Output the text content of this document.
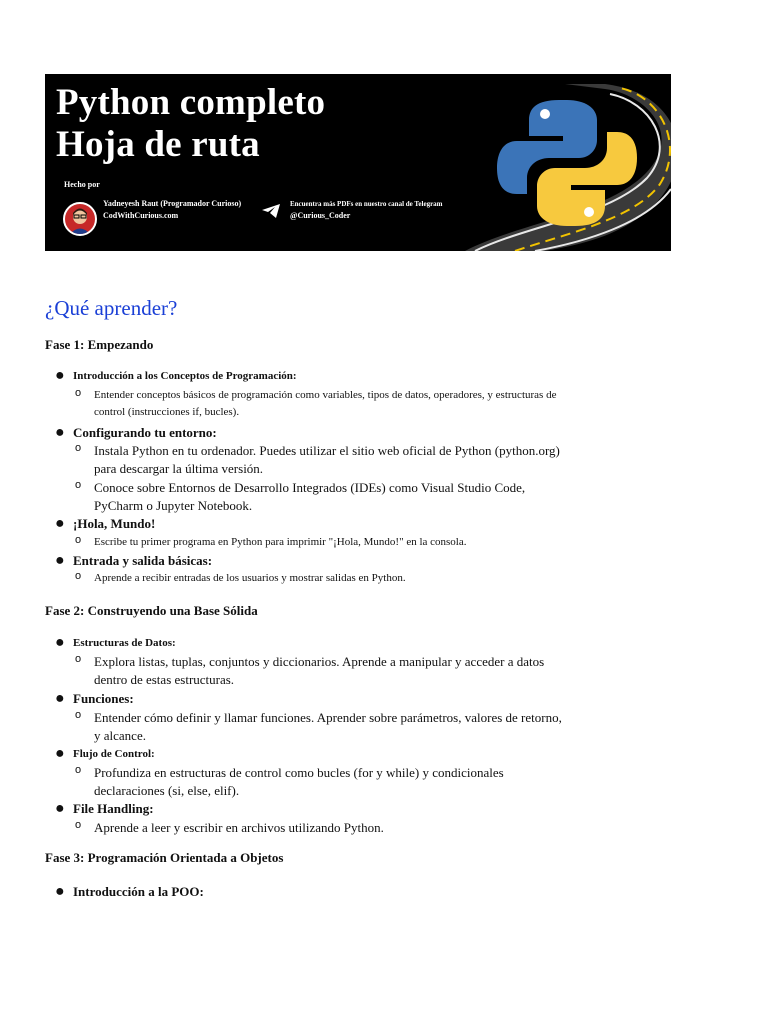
Python completo
Hoja de ruta
Hecho por
Yadneyesh Raut (Programador Curioso)
CodWithCurious.com
Encuentra más PDFs en nuestro canal de Telegram
@Curious_Coder
¿Qué aprender?
Fase 1: Empezando
● Introducción a los Conceptos de Programación:
o Entender conceptos básicos de programación como variables, tipos de datos, operadores, y estructuras de control (instrucciones if, bucles).
● Configurando tu entorno:
o Instala Python en tu ordenador. Puedes utilizar el sitio web oficial de Python (python.org) para descargar la última versión.
o Conoce sobre Entornos de Desarrollo Integrados (IDEs) como Visual Studio Code, PyCharm o Jupyter Notebook.
● ¡Hola, Mundo!
o Escribe tu primer programa en Python para imprimir "¡Hola, Mundo!" en la consola.
● Entrada y salida básicas:
o Aprende a recibir entradas de los usuarios y mostrar salidas en Python.
Fase 2: Construyendo una Base Sólida
● Estructuras de Datos:
o Explora listas, tuplas, conjuntos y diccionarios. Aprende a manipular y acceder a datos dentro de estas estructuras.
● Funciones:
o Entender cómo definir y llamar funciones. Aprender sobre parámetros, valores de retorno, y alcance.
● Flujo de Control:
o Profundiza en estructuras de control como bucles (for y while) y condicionales declaraciones (si, else, elif).
● File Handling:
o Aprende a leer y escribir en archivos utilizando Python.
Fase 3: Programación Orientada a Objetos
● Introducción a la POO:
